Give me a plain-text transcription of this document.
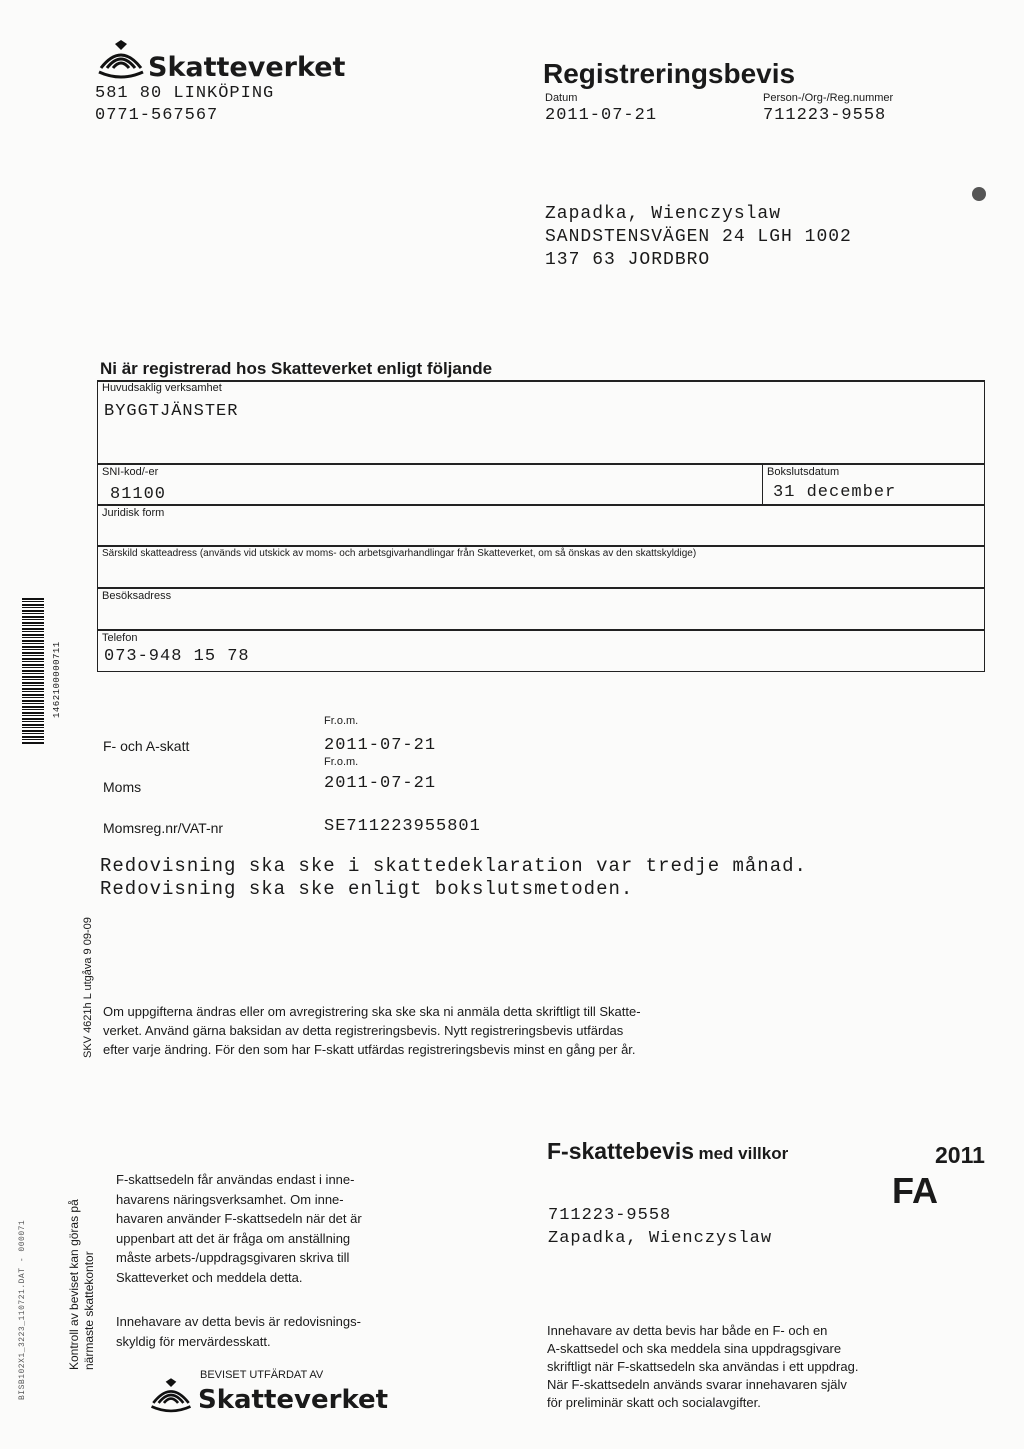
Skatteverket
581 80 LINKÖPING
0771-567567
Registreringsbevis
Datum
2011-07-21
Person-/Org-/Reg.nummer
711223-9558
Zapadka, Wienczyslaw
SANDSTENSVÄGEN 24 LGH 1002
137 63 JORDBRO
Ni är registrerad hos Skatteverket enligt följande
Huvudsaklig verksamhet
BYGGTJÄNSTER
SNI-kod/-er
81100
Bokslutsdatum
31 december
Juridisk form
Särskild skatteadress (används vid utskick av moms- och arbetsgivarhandlingar från Skatteverket, om så önskas av den skattskyldige)
Besöksadress
Telefon
073-948 15 78
1462100000711
Fr.o.m.
F- och A-skatt	2011-07-21
Fr.o.m.
Moms	2011-07-21
Momsreg.nr/VAT-nr	SE711223955801
Redovisning ska ske i skattedeklaration var tredje månad.
Redovisning ska ske enligt bokslutsmetoden.
SKV 4621h L utgåva 9 09-09 Om uppgifterna ändras eller om avregistrering ska ske ska ni anmäla detta skriftligt till Skatte-
verket. Använd gärna baksidan av detta registreringsbevis. Nytt registreringsbevis utfärdas
efter varje ändring. För den som har F-skatt utfärdas registreringsbevis minst en gång per år.
F-skattebevis med villkor	2011
FA
711223-9558
Zapadka, Wienczyslaw
Kontroll av beviset kan göras på närmaste skattekontor
BISB102X1_3223_110721.DAT - 000071
F-skattsedeln får användas endast i inne-
havarens näringsverksamhet. Om inne-
havaren använder F-skattsedeln när det är
uppenbart att det är fråga om anställning
måste arbets-/uppdragsgivaren skriva till
Skatteverket och meddela detta.
Innehavare av detta bevis är redovisnings-
skyldig för mervärdesskatt.
BEVISET UTFÄRDAT AV
Skatteverket
Innehavare av detta bevis har både en F- och en
A-skattsedel och ska meddela sina uppdragsgivare
skriftligt när F-skattsedeln ska användas i ett uppdrag.
När F-skattsedeln används svarar innehavaren själv
för preliminär skatt och socialavgifter.
